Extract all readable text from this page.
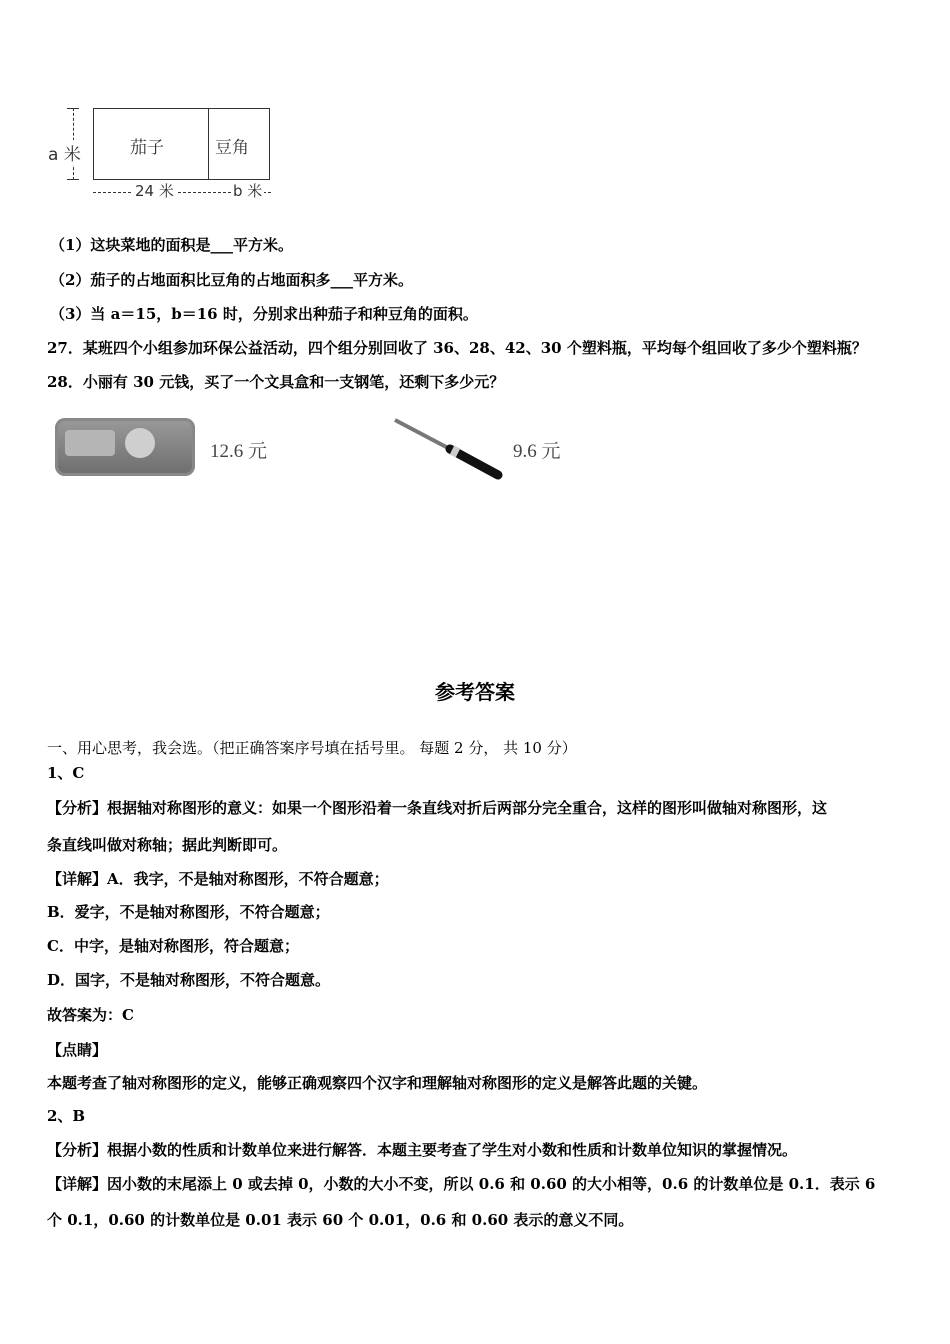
a 米	茄子	豆角
24 米	b 米
（1）这块菜地的面积是___平方米。
（2）茄子的占地面积比豆角的占地面积多___平方米。
（3）当 a＝15，b＝16 时，分别求出种茄子和种豆角的面积。
27．某班四个小组参加环保公益活动，四个组分别回收了 36、28、42、30 个塑料瓶，平均每个组回收了多少个塑料瓶？
28．小丽有 30 元钱，买了一个文具盒和一支钢笔，还剩下多少元？
12.6 元	9.6 元
参考答案
一、用心思考，我会选。（把正确答案序号填在括号里。 每题 2 分， 共 10 分）
1、C
【分析】根据轴对称图形的意义：如果一个图形沿着一条直线对折后两部分完全重合，这样的图形叫做轴对称图形，这
条直线叫做对称轴；据此判断即可。
【详解】A．我字，不是轴对称图形，不符合题意；
B．爱字，不是轴对称图形，不符合题意；
C．中字，是轴对称图形，符合题意；
D．国字，不是轴对称图形，不符合题意。
故答案为：C
【点睛】
本题考查了轴对称图形的定义，能够正确观察四个汉字和理解轴对称图形的定义是解答此题的关键。
2、B
【分析】根据小数的性质和计数单位来进行解答．本题主要考查了学生对小数和性质和计数单位知识的掌握情况。
【详解】因小数的末尾添上 0 或去掉 0，小数的大小不变，所以 0.6 和 0.60 的大小相等，0.6 的计数单位是 0.1．表示 6
个 0.1，0.60 的计数单位是 0.01 表示 60 个 0.01，0.6 和 0.60 表示的意义不同。
